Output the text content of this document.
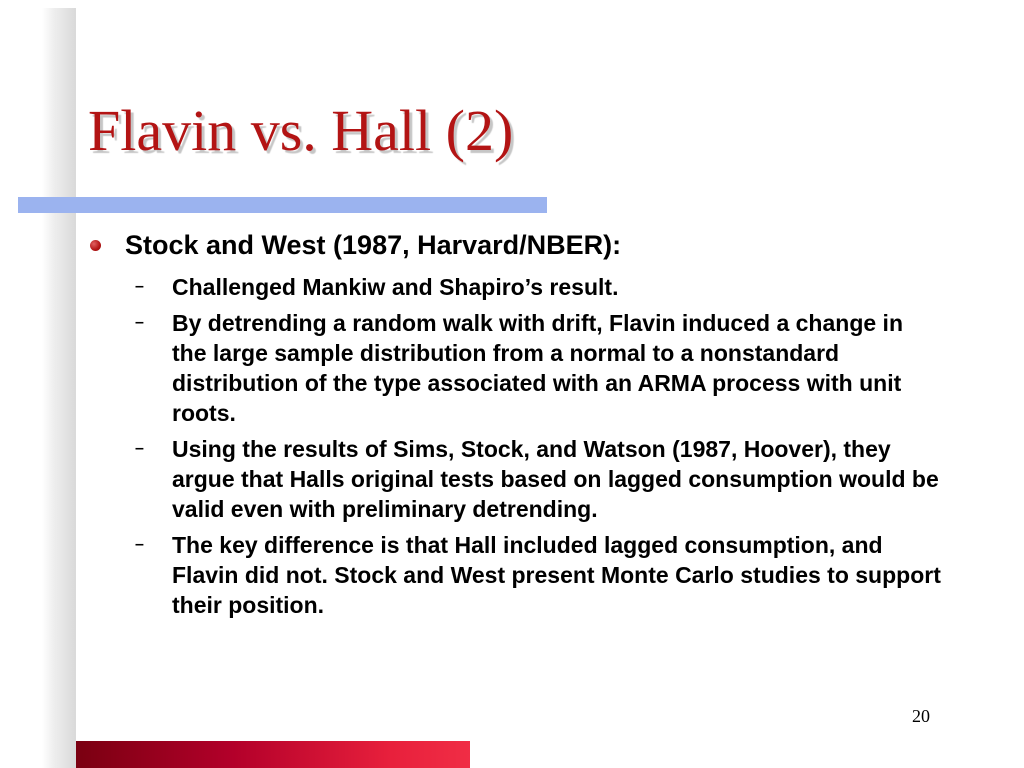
Flavin vs. Hall (2)
Stock and West (1987, Harvard/NBER):
– Challenged Mankiw and Shapiro’s result.
– By detrending a random walk with drift, Flavin induced a change in the large sample distribution from a normal to a nonstandard distribution of the type associated with an ARMA process with unit roots.
– Using the results of Sims, Stock, and Watson (1987, Hoover), they argue that Halls original tests based on lagged consumption would be valid even with preliminary detrending.
– The key difference is that Hall included lagged consumption, and Flavin did not. Stock and West present Monte Carlo studies to support their position.
20
